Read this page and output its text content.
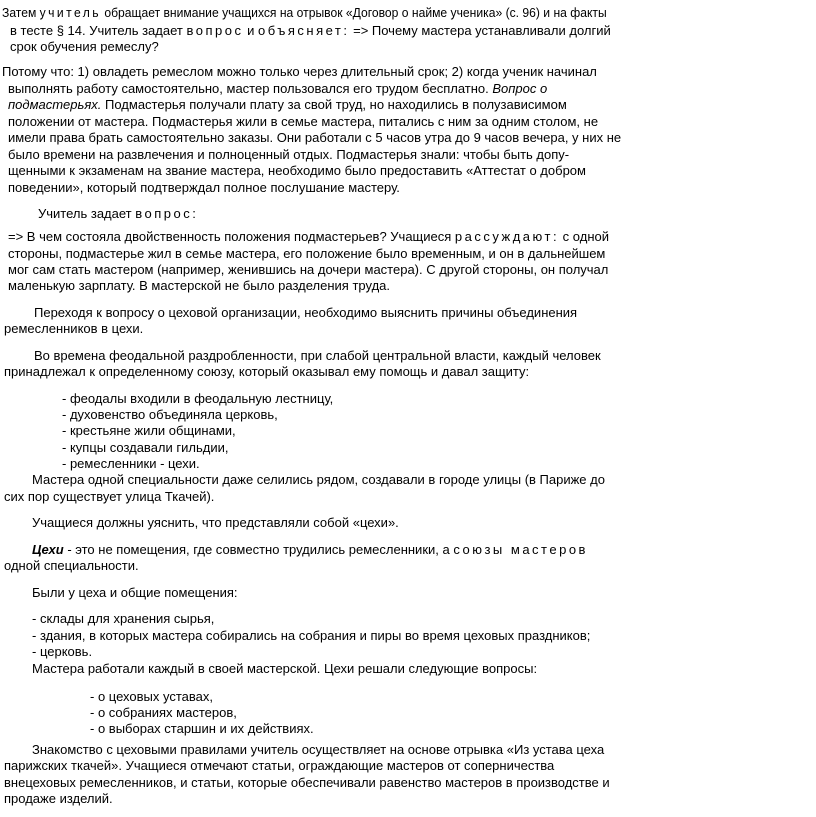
Затем учитель обращает внимание учащихся на отрывок «Договор о найме ученика» (с. 96) и на факты
в тесте § 14. Учитель задает вопрос и объясняет: => Почему мастера устанавливали долгий
срок обучения ремеслу?
Потому что: 1) овладеть ремеслом можно только через длительный срок; 2) когда ученик начинал
выполнять работу самостоятельно, мастер пользовался его трудом бесплатно. Вопрос о
подмастерьях. Подмастерья получали плату за свой труд, но находились в полузависимом
положении от мастера. Подмастерья жили в семье мастера, питались с ним за одним столом, не
имели права брать самостоятельно заказы. Они работали с 5 часов утра до 9 часов вечера, у них не
было времени на развлечения и полноценный отдых. Подмастерья знали: чтобы быть допу-
щенными к экзаменам на звание мастера, необходимо было предоставить «Аттестат о добром
поведении», который подтверждал полное послушание мастеру.
Учитель задает вопрос:
=> В чем состояла двойственность положения подмастерьев? Учащиеся рассуждают: с одной
стороны, подмастерье жил в семье мастера, его положение было временным, и он в дальнейшем
мог сам стать мастером (например, женившись на дочери мастера). С другой стороны, он получал
маленькую зарплату. В мастерской не было разделения труда.
Переходя к вопросу о цеховой организации, необходимо выяснить причины объединения
ремесленников в цехи.
Во времена феодальной раздробленности, при слабой центральной власти, каждый человек
принадлежал к определенному союзу, который оказывал ему помощь и давал защиту:
- феодалы входили в феодальную лестницу,
- духовенство объединяла церковь,
- крестьяне жили общинами,
- купцы создавали гильдии,
- ремесленники - цехи.
Мастера одной специальности даже селились рядом, создавали в городе улицы (в Париже до
сих пор существует улица Ткачей).
Учащиеся должны уяснить, что представляли собой «цехи».
Цехи - это не помещения, где совместно трудились ремесленники, а союзы мастеров
одной специальности.
Были у цеха и общие помещения:
- склады для хранения сырья,
- здания, в которых мастера собирались на собрания и пиры во время цеховых праздников;
- церковь.
Мастера работали каждый в своей мастерской. Цехи решали следующие вопросы:
- о цеховых уставах,
- о собраниях мастеров,
- о выборах старшин и их действиях.
Знакомство с цеховыми правилами учитель осуществляет на основе отрывка «Из устава цеха
парижских ткачей». Учащиеся отмечают статьи, ограждающие мастеров от соперничества
внецеховых ремесленников, и статьи, которые обеспечивали равенство мастеров в производстве и
продаже изделий.
